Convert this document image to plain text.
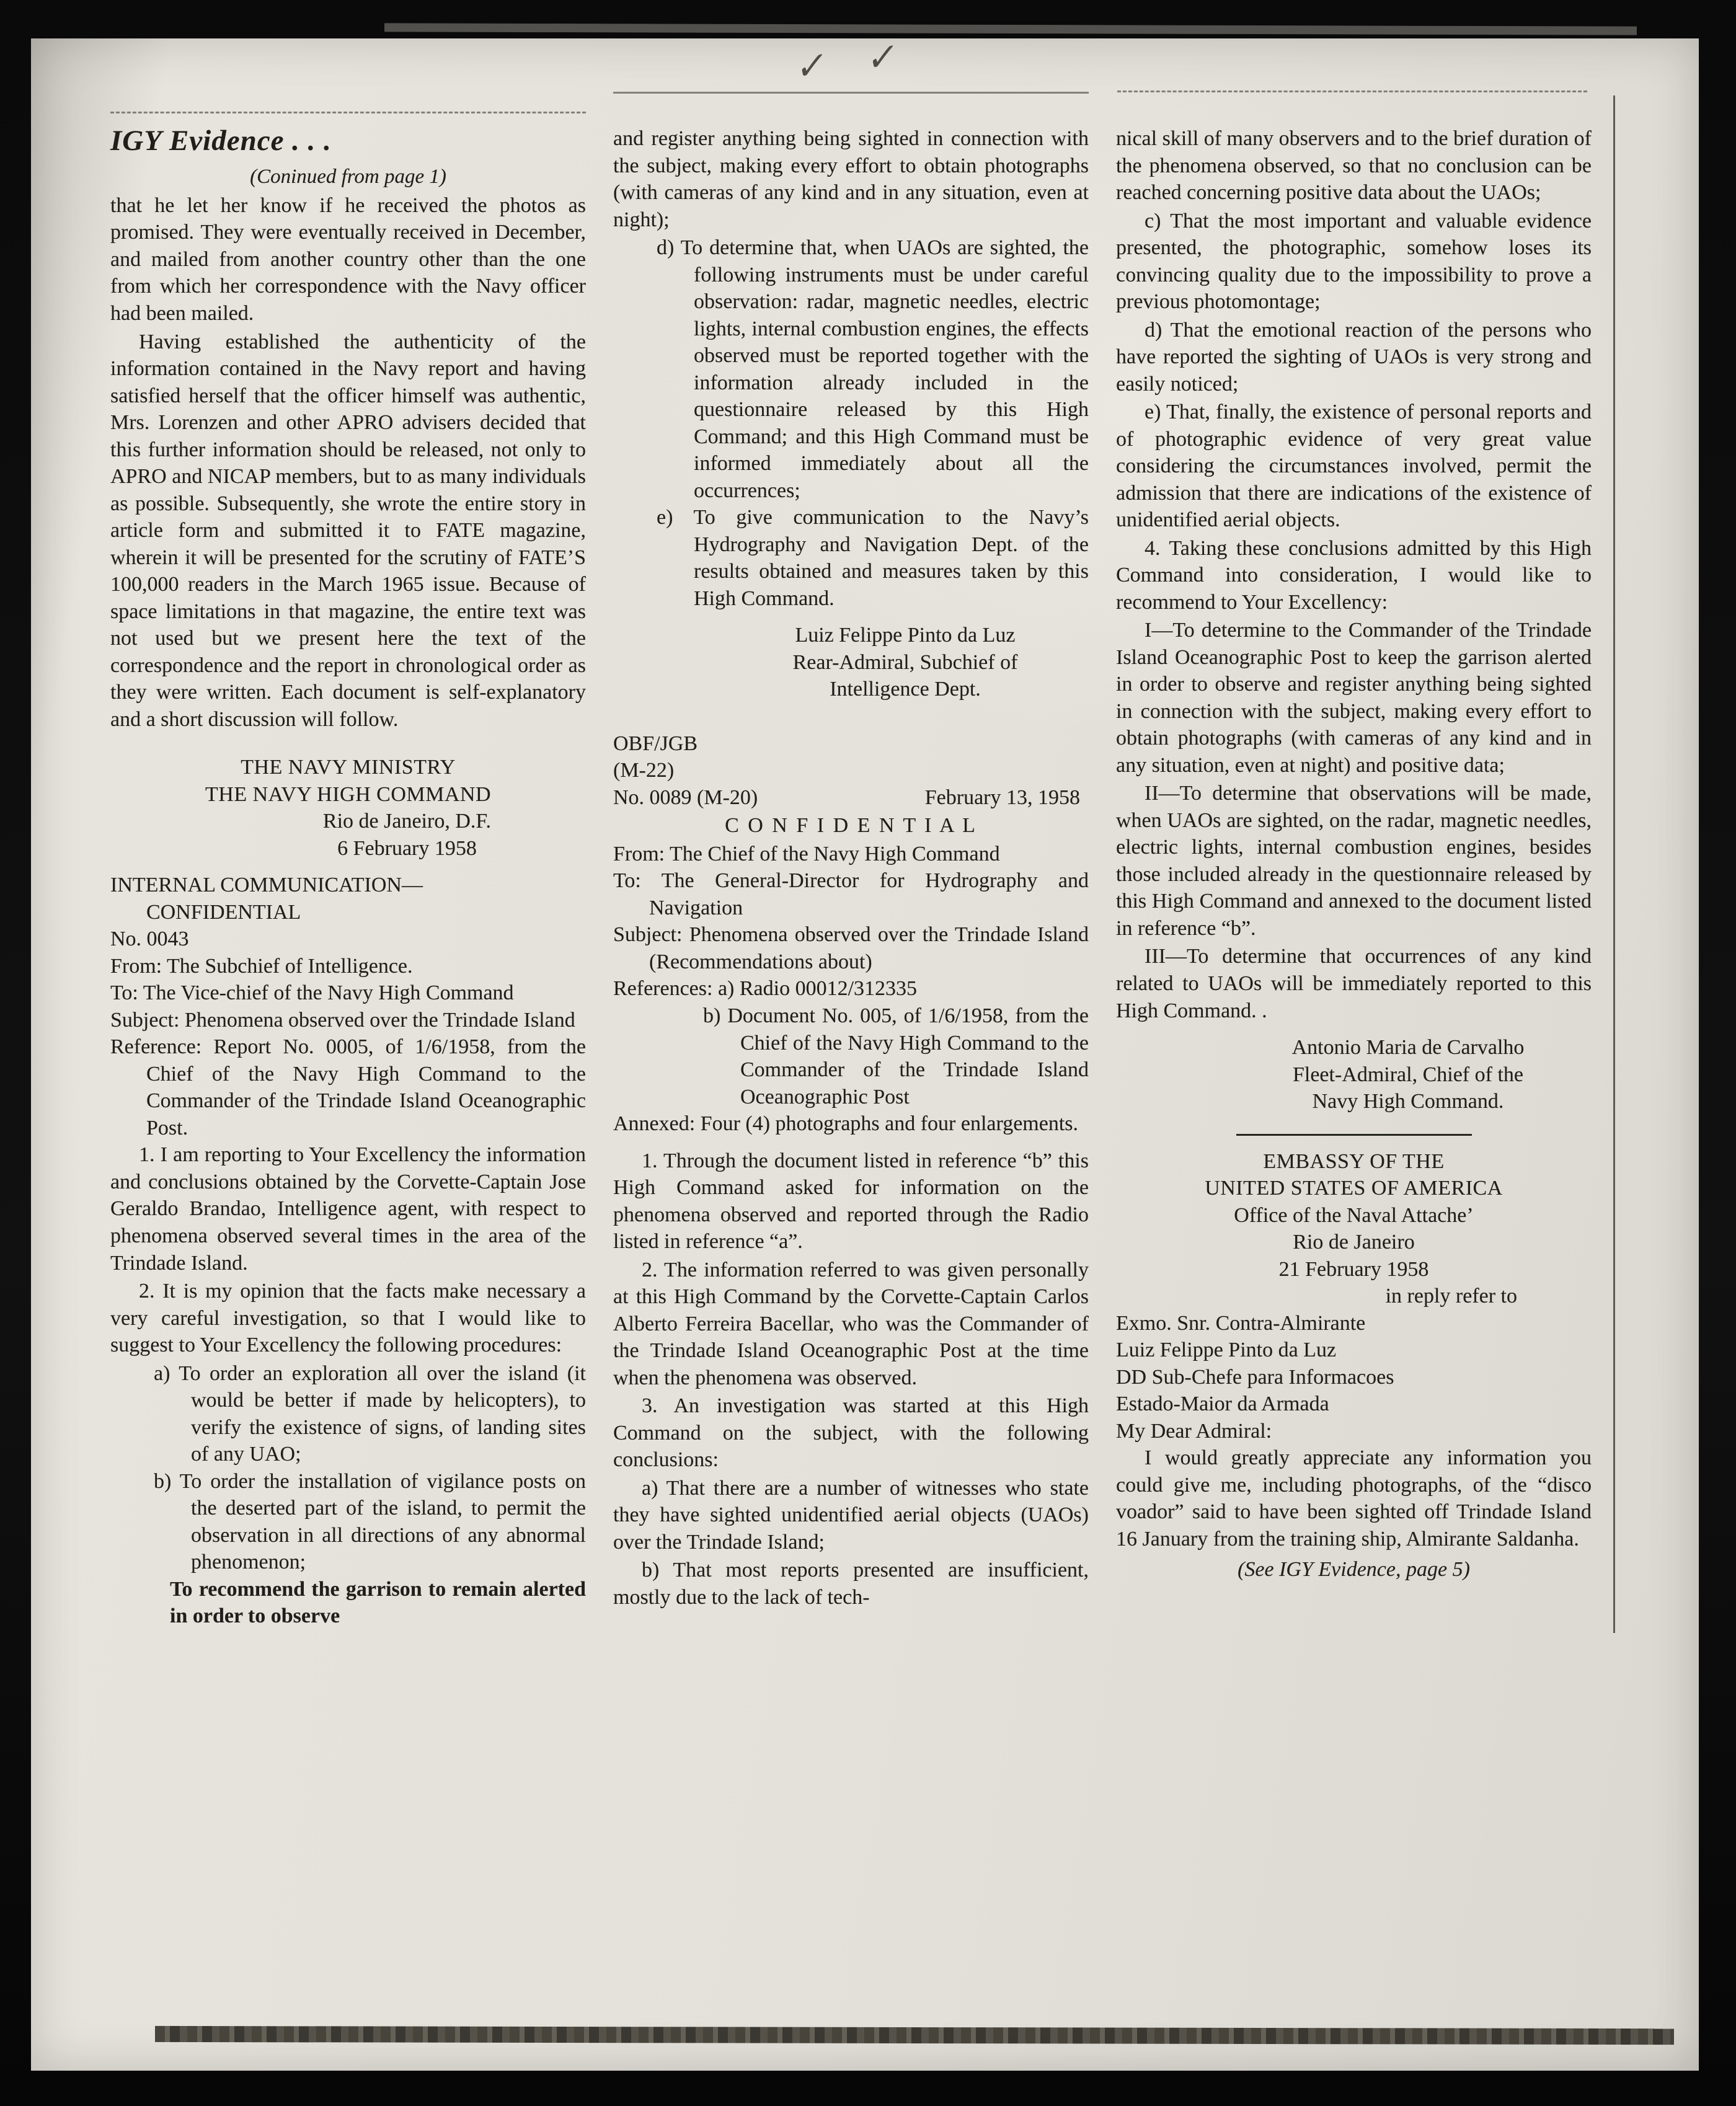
✓ ✓
IGY Evidence . . .
(Coninued from page 1)

that he let her know if he received the photos as promised. They were eventually received in December, and mailed from another country other than the one from which her correspondence with the Navy officer had been mailed.

Having established the authenticity of the information contained in the Navy report and having satisfied herself that the officer himself was authentic, Mrs. Lorenzen and other APRO advisers decided that this further information should be released, not only to APRO and NICAP members, but to as many individuals as possible. Subsequently, she wrote the entire story in article form and submitted it to FATE magazine, wherein it will be presented for the scrutiny of FATE’S 100,000 readers in the March 1965 issue. Because of space limitations in that magazine, the entire text was not used but we present here the text of the correspondence and the report in chronological order as they were written. Each document is self-explanatory and a short discussion will follow.

THE NAVY MINISTRY
THE NAVY HIGH COMMAND
Rio de Janeiro, D.F.
6 February 1958
INTERNAL COMMUNICATION—
CONFIDENTIAL
No. 0043
From: The Subchief of Intelligence.
To: The Vice-chief of the Navy High Command
Subject: Phenomena observed over the Trindade Island
Reference: Report No. 0005, of 1/6/1958, from the Chief of the Navy High Command to the Commander of the Trindade Island Oceanographic Post.

1. I am reporting to Your Excellency the information and conclusions obtained by the Corvette-Captain Jose Geraldo Brandao, Intelligence agent, with respect to phenomena observed several times in the area of the Trindade Island.

2. It is my opinion that the facts make necessary a very careful investigation, so that I would like to suggest to Your Excellency the following procedures:

a) To order an exploration all over the island (it would be better if made by helicopters), to verify the existence of signs, of landing sites of any UAO;
b) To order the installation of vigilance posts on the deserted part of the island, to permit the observation in all directions of any abnormal phenomenon;
To recommend the garrison to remain alerted in order to observe

and register anything being sighted in connection with the subject, making every effort to obtain photographs (with cameras of any kind and in any situation, even at night);

d) To determine that, when UAOs are sighted, the following instruments must be under careful observation: radar, magnetic needles, electric lights, internal combustion engines, the effects observed must be reported together with the information already included in the questionnaire released by this High Command; and this High Command must be informed immediately about all the occurrences;
e) To give communication to the Navy’s Hydrography and Navigation Dept. of the results obtained and measures taken by this High Command.
Luiz Felippe Pinto da Luz
Rear-Admiral, Subchief of
Intelligence Dept.
OBF/JGB
(M-22)
No. 0089 (M-20)	February 13, 1958
C O N F I D E N T I A L
From: The Chief of the Navy High Command
To: The General-Director for Hydrography and Navigation
Subject: Phenomena observed over the Trindade Island (Recommendations about)
References: a) Radio 00012/312335
b) Document No. 005, of 1/6/1958, from the Chief of the Navy High Command to the Commander of the Trindade Island Oceanographic Post
Annexed: Four (4) photographs and four enlargements.

1. Through the document listed in reference “b” this High Command asked for information on the phenomena observed and reported through the Radio listed in reference “a”.

2. The information referred to was given personally at this High Command by the Corvette-Captain Carlos Alberto Ferreira Bacellar, who was the Commander of the Trindade Island Oceanographic Post at the time when the phenomena was observed.

3. An investigation was started at this High Command on the subject, with the following conclusions:

a) That there are a number of witnesses who state they have sighted unidentified aerial objects (UAOs) over the Trindade Island;

b) That most reports presented are insufficient, mostly due to the lack of tech-

nical skill of many observers and to the brief duration of the phenomena observed, so that no conclusion can be reached concerning positive data about the UAOs;

c) That the most important and valuable evidence presented, the photographic, somehow loses its convincing quality due to the impossibility to prove a previous photomontage;

d) That the emotional reaction of the persons who have reported the sighting of UAOs is very strong and easily noticed;

e) That, finally, the existence of personal reports and of photographic evidence of very great value considering the circumstances involved, permit the admission that there are indications of the existence of unidentified aerial objects.

4. Taking these conclusions admitted by this High Command into consideration, I would like to recommend to Your Excellency:

I—To determine to the Commander of the Trindade Island Oceanographic Post to keep the garrison alerted in order to observe and register anything being sighted in connection with the subject, making every effort to obtain photographs (with cameras of any kind and in any situation, even at night) and positive data;

II—To determine that observations will be made, when UAOs are sighted, on the radar, magnetic needles, electric lights, internal combustion engines, besides those included already in the questionnaire released by this High Command and annexed to the document listed in reference “b”.

III—To determine that occurrences of any kind related to UAOs will be immediately reported to this High Command. .

Antonio Maria de Carvalho
Fleet-Admiral, Chief of the
Navy High Command.
EMBASSY OF THE
UNITED STATES OF AMERICA
Office of the Naval Attache’
Rio de Janeiro
21 February 1958
in reply refer to
Exmo. Snr. Contra-Almirante
Luiz Felippe Pinto da Luz
DD Sub-Chefe para Informacoes
Estado-Maior da Armada
My Dear Admiral:

I would greatly appreciate any information you could give me, including photographs, of the “disco voador” said to have been sighted off Trindade Island 16 January from the training ship, Almirante Saldanha.

(See IGY Evidence, page 5)
